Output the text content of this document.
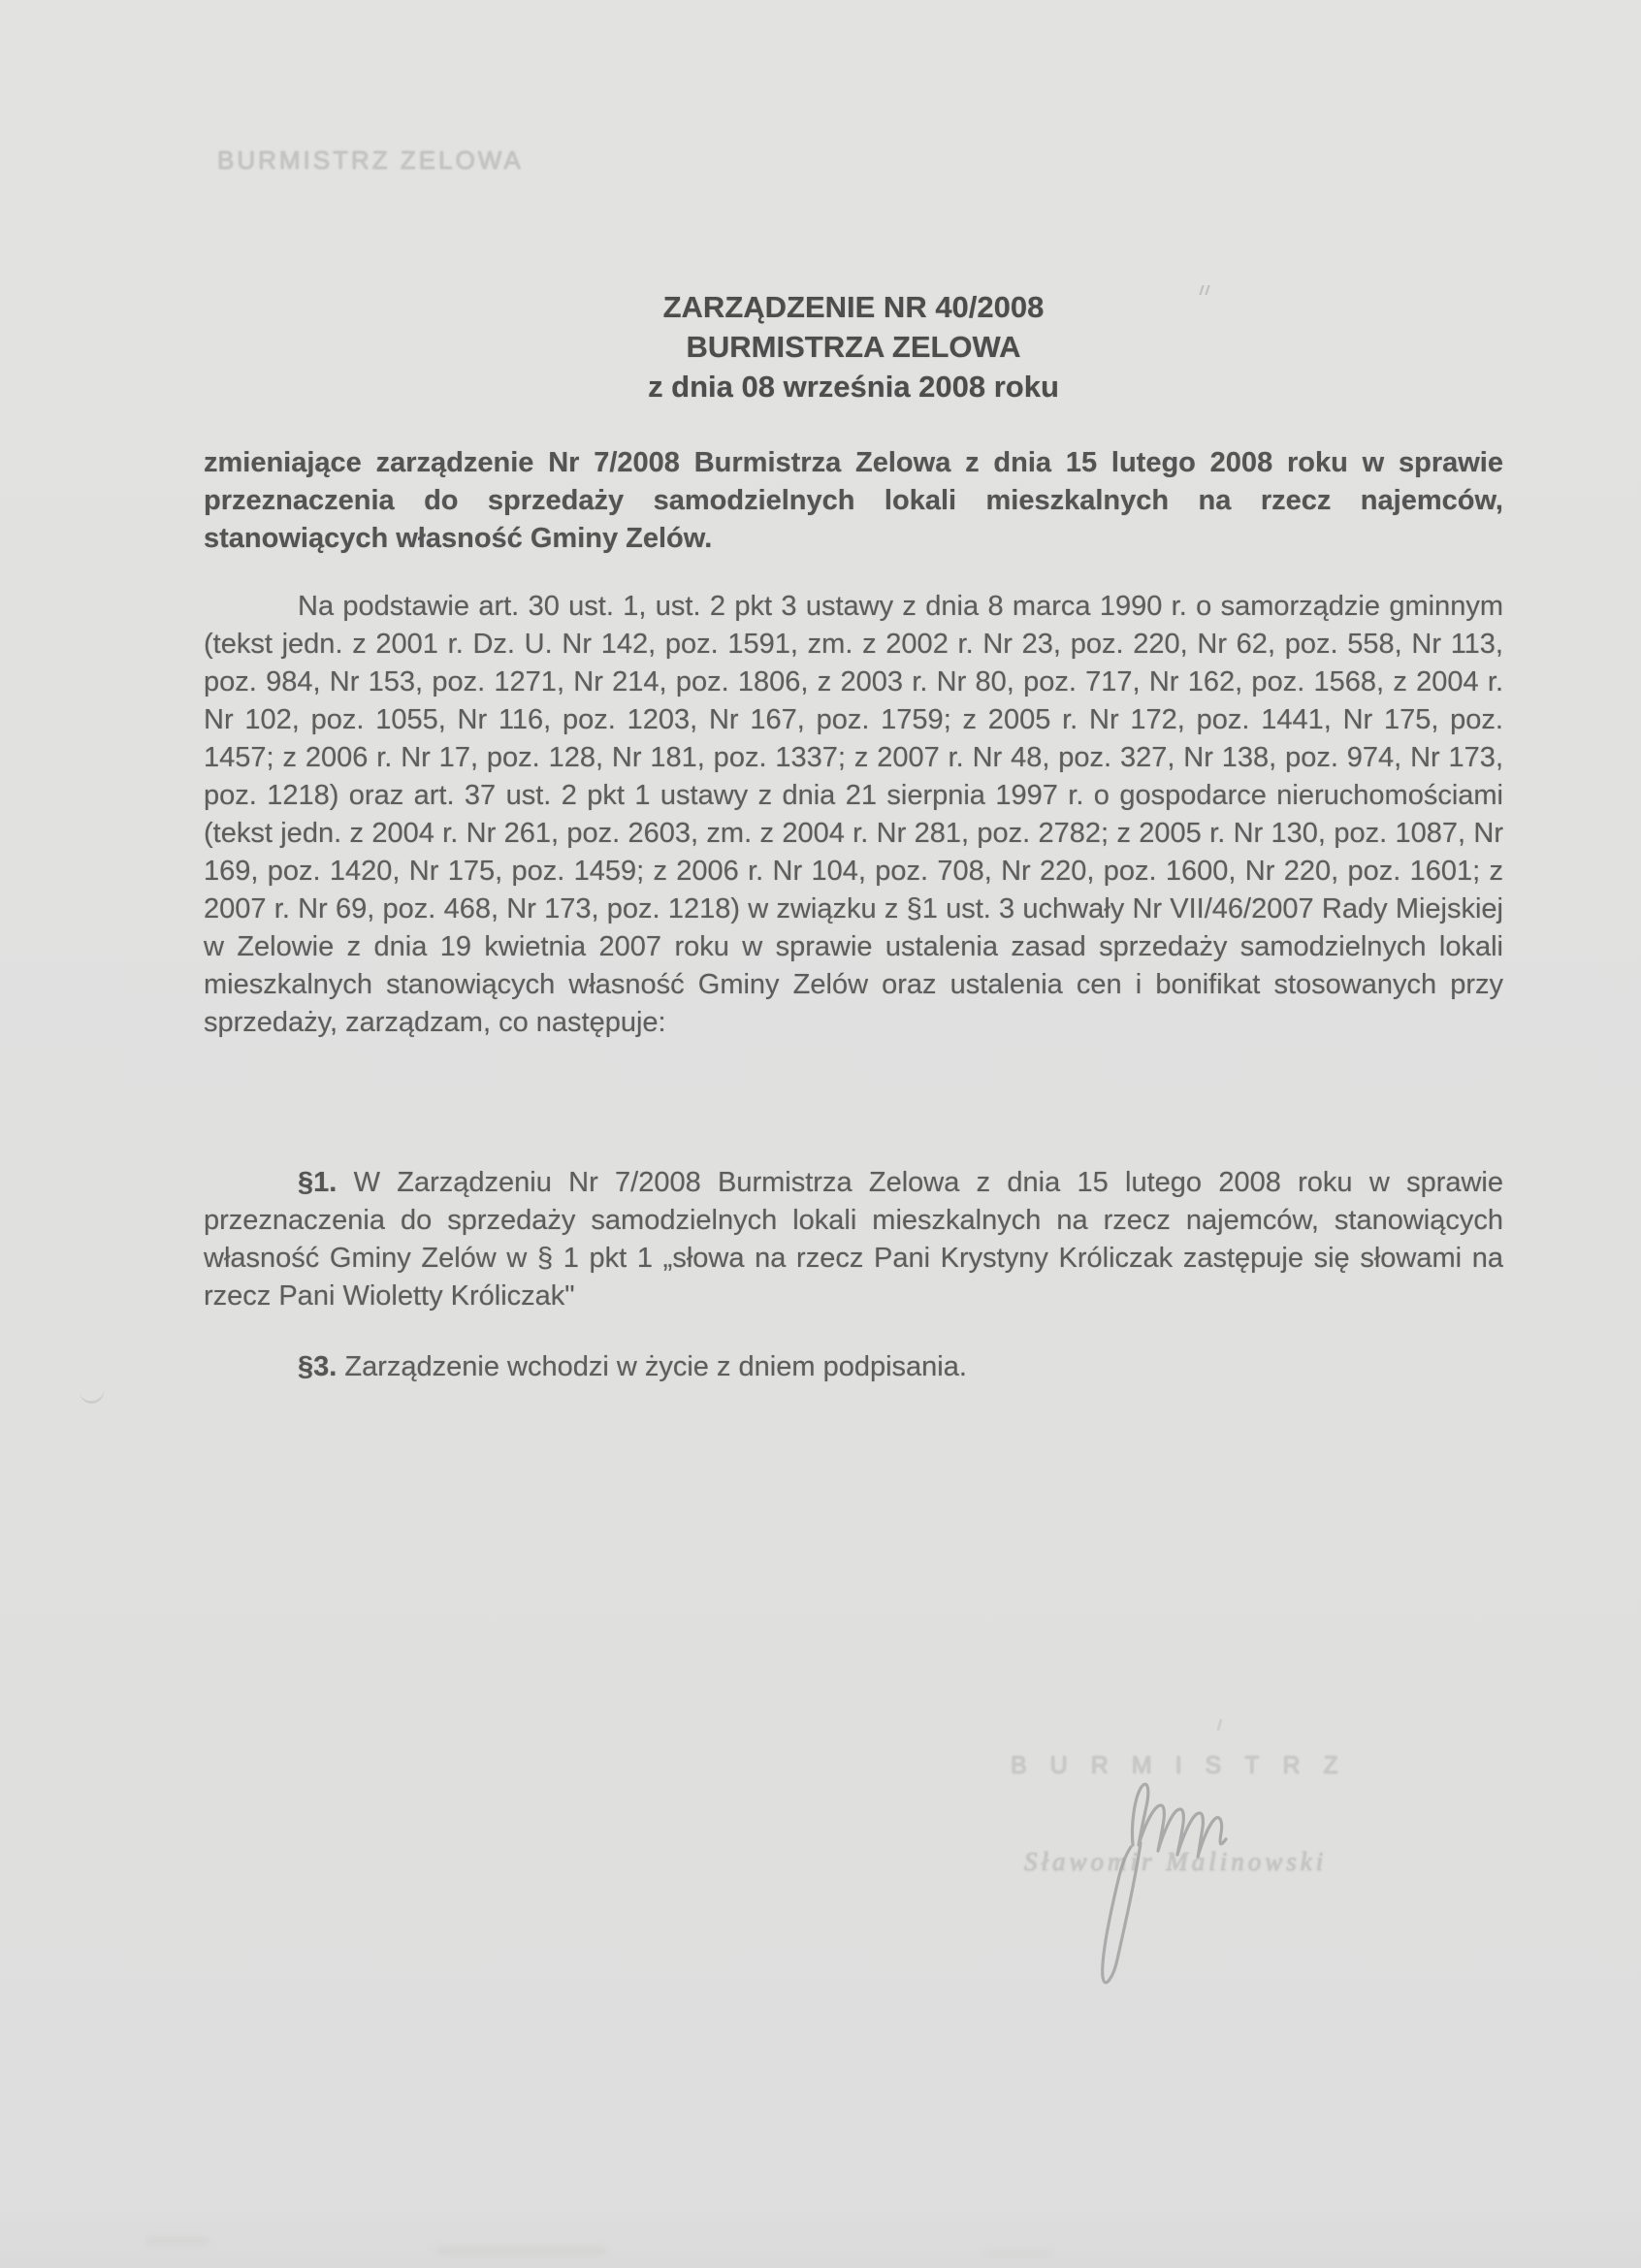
BURMISTRZ ZELOWA
ZARZĄDZENIE NR 40/2008
BURMISTRZA ZELOWA
z dnia 08 września 2008 roku
zmieniające zarządzenie Nr 7/2008 Burmistrza Zelowa z dnia 15 lutego 2008 roku w sprawie przeznaczenia do sprzedaży samodzielnych lokali mieszkalnych na rzecz najemców, stanowiących własność Gminy Zelów.
Na podstawie art. 30 ust. 1, ust. 2 pkt 3 ustawy z dnia 8 marca 1990 r. o samorządzie gminnym (tekst jedn. z 2001 r. Dz. U. Nr 142, poz. 1591, zm. z 2002 r. Nr 23, poz. 220, Nr 62, poz. 558, Nr 113, poz. 984, Nr 153, poz. 1271, Nr 214, poz. 1806, z 2003 r. Nr 80, poz. 717, Nr 162, poz. 1568, z 2004 r. Nr 102, poz. 1055, Nr 116, poz. 1203, Nr 167, poz. 1759; z 2005 r. Nr 172, poz. 1441, Nr 175, poz. 1457; z 2006 r. Nr 17, poz. 128, Nr 181, poz. 1337; z 2007 r. Nr 48, poz. 327, Nr 138, poz. 974, Nr 173, poz. 1218) oraz art. 37 ust. 2 pkt 1 ustawy z dnia 21 sierpnia 1997 r. o gospodarce nieruchomościami (tekst jedn. z 2004 r. Nr 261, poz. 2603, zm. z 2004 r. Nr 281, poz. 2782; z 2005 r. Nr 130, poz. 1087, Nr 169, poz. 1420, Nr 175, poz. 1459; z 2006 r. Nr 104, poz. 708, Nr 220, poz. 1600, Nr 220, poz. 1601; z 2007 r. Nr 69, poz. 468, Nr 173, poz. 1218) w związku z §1 ust. 3 uchwały Nr VII/46/2007 Rady Miejskiej w Zelowie z dnia 19 kwietnia 2007 roku w sprawie ustalenia zasad sprzedaży samodzielnych lokali mieszkalnych stanowiących własność Gminy Zelów oraz ustalenia cen i bonifikat stosowanych przy sprzedaży, zarządzam, co następuje:
§1. W Zarządzeniu Nr 7/2008 Burmistrza Zelowa z dnia 15 lutego 2008 roku w sprawie przeznaczenia do sprzedaży samodzielnych lokali mieszkalnych na rzecz najemców, stanowiących własność Gminy Zelów w § 1 pkt 1 „słowa na rzecz Pani Krystyny Króliczak zastępuje się słowami na rzecz Pani Wioletty Króliczak"
§3. Zarządzenie wchodzi w życie z dniem podpisania.
BURMISTRZ
Sławomir Malinowski
